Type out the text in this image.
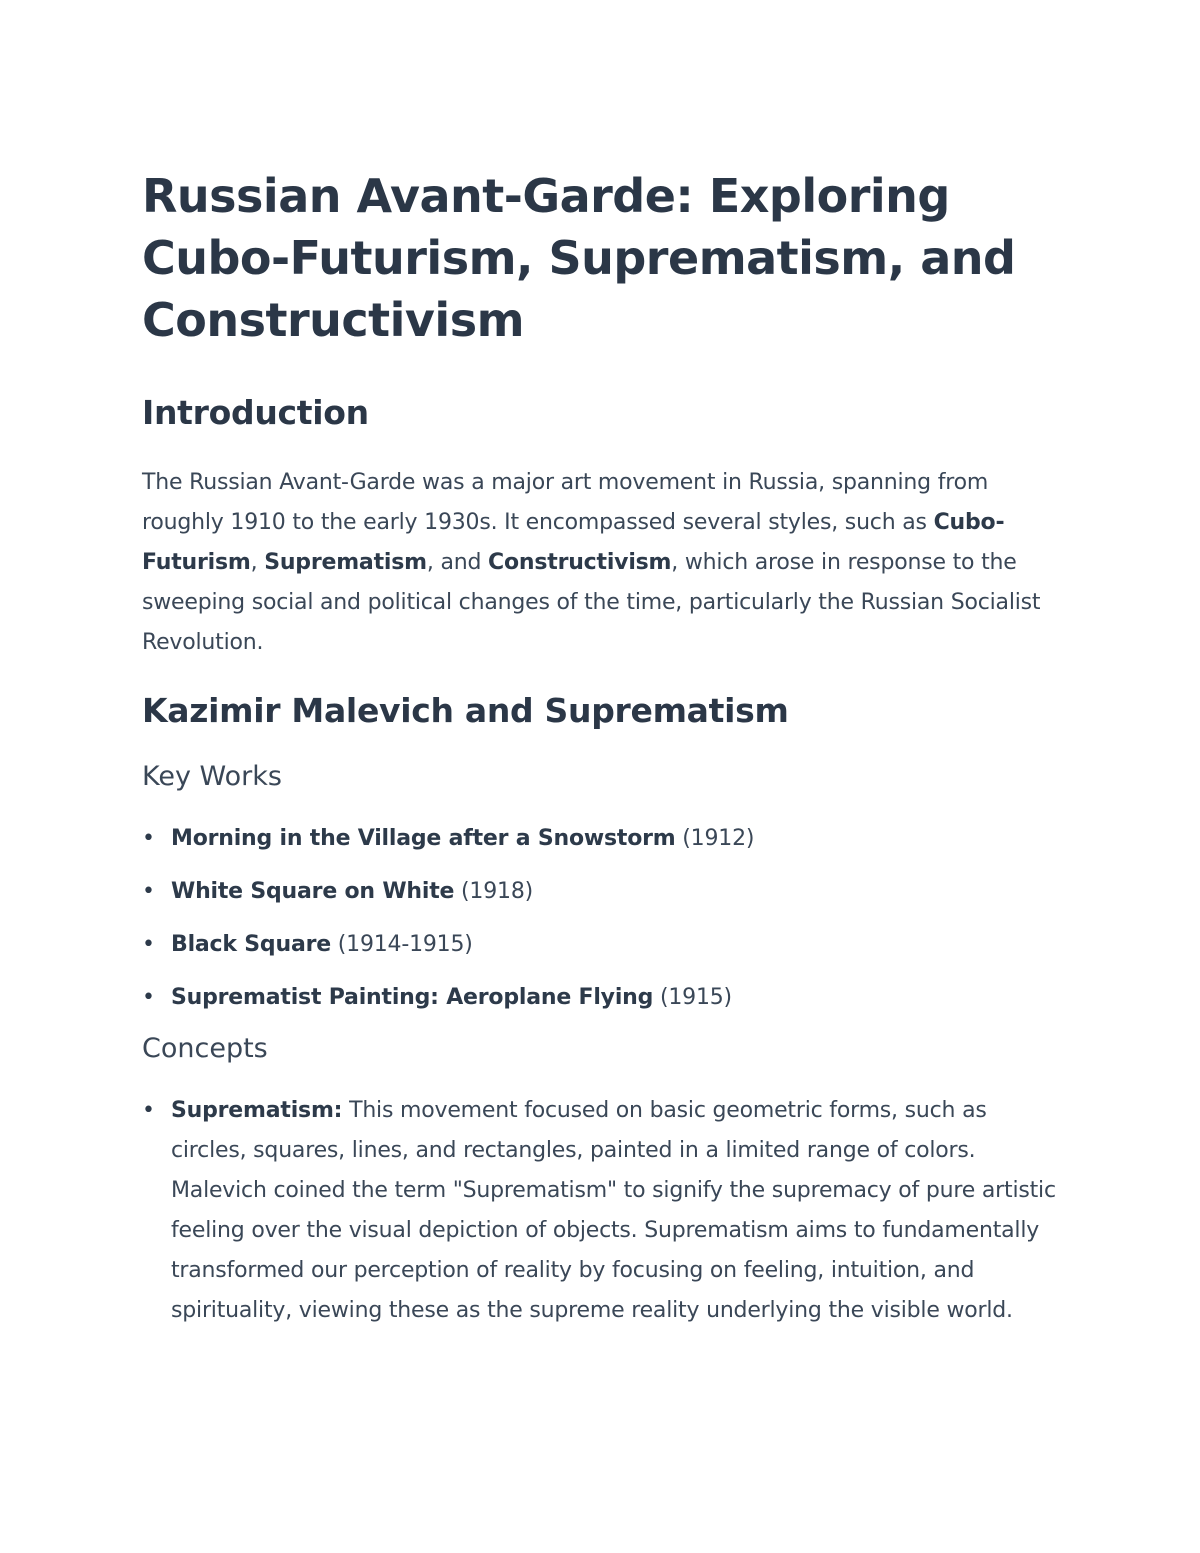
Russian Avant-Garde: Exploring Cubo-Futurism, Suprematism, and Constructivism
Introduction

The Russian Avant-Garde was a major art movement in Russia, spanning from roughly 1910 to the early 1930s. It encompassed several styles, such as Cubo-Futurism, Suprematism, and Constructivism, which arose in response to the sweeping social and political changes of the time, particularly the Russian Socialist Revolution.

Kazimir Malevich and Suprematism
Key Works
• Morning in the Village after a Snowstorm (1912)
• White Square on White (1918)
• Black Square (1914-1915)
• Suprematist Painting: Aeroplane Flying (1915)
Concepts
• Suprematism: This movement focused on basic geometric forms, such as circles, squares, lines, and rectangles, painted in a limited range of colors. Malevich coined the term "Suprematism" to signify the supremacy of pure artistic feeling over the visual depiction of objects. Suprematism aims to fundamentally transformed our perception of reality by focusing on feeling, intuition, and spirituality, viewing these as the supreme reality underlying the visible world.
